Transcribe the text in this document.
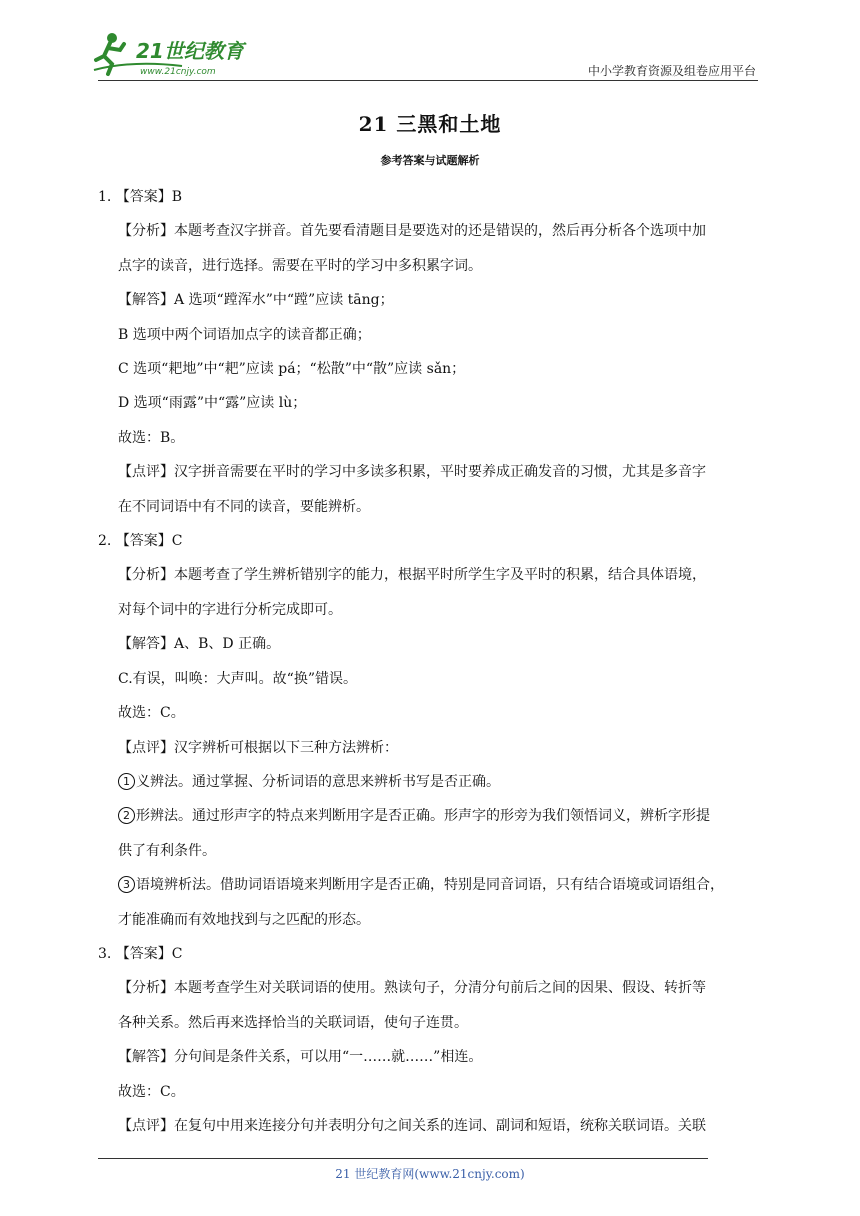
21世纪教育
www.21cnjy.com	中小学教育资源及组卷应用平台
21 三黑和土地
参考答案与试题解析
1. 【答案】B
【分析】本题考查汉字拼音。首先要看清题目是要选对的还是错误的，然后再分析各个选项中加
点字的读音，进行选择。需要在平时的学习中多积累字词。
【解答】A 选项“蹚浑水”中“蹚”应读 tāng；
B 选项中两个词语加点字的读音都正确；
C 选项“耙地”中“耙”应读 pá；“松散”中“散”应读 sǎn；
D 选项“雨露”中“露”应读 lù；
故选：B。
【点评】汉字拼音需要在平时的学习中多读多积累，平时要养成正确发音的习惯，尤其是多音字
在不同词语中有不同的读音，要能辨析。
2. 【答案】C
【分析】本题考查了学生辨析错别字的能力，根据平时所学生字及平时的积累，结合具体语境，
对每个词中的字进行分析完成即可。
【解答】A、B、D 正确。
C.有误，叫唤：大声叫。故“换”错误。
故选：C。
【点评】汉字辨析可根据以下三种方法辨析：
1 义辨法。通过掌握、分析词语的意思来辨析书写是否正确。
2 形辨法。通过形声字的特点来判断用字是否正确。形声字的形旁为我们领悟词义，辨析字形提
供了有利条件。
3 语境辨析法。借助词语语境来判断用字是否正确，特别是同音词语，只有结合语境或词语组合，
才能准确而有效地找到与之匹配的形态。
3. 【答案】C
【分析】本题考查学生对关联词语的使用。熟读句子，分清分句前后之间的因果、假设、转折等
各种关系。然后再来选择恰当的关联词语，使句子连贯。
【解答】分句间是条件关系，可以用“一……就……”相连。
故选：C。
【点评】在复句中用来连接分句并表明分句之间关系的连词、副词和短语，统称关联词语。关联
21 世纪教育网(www.21cnjy.com)
